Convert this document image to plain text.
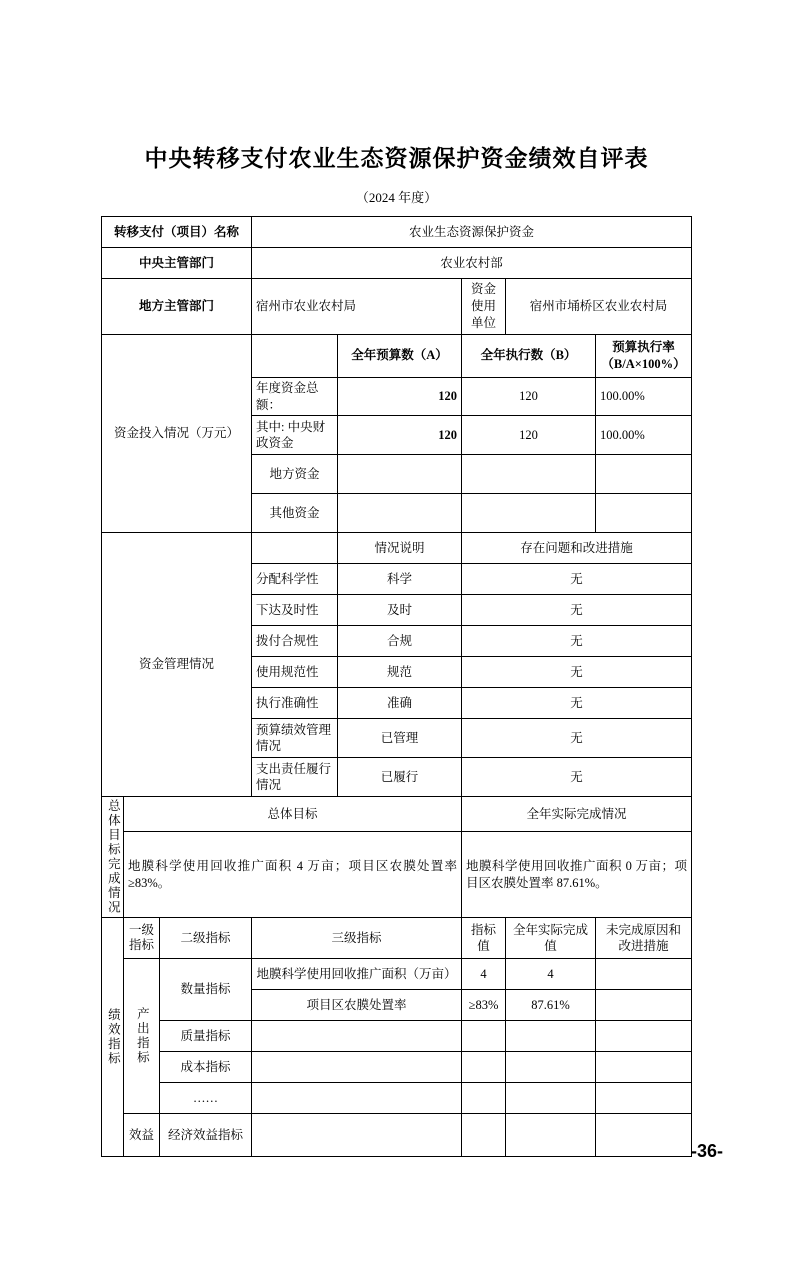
中央转移支付农业生态资源保护资金绩效自评表
（2024 年度）
转移支付（项目）名称			农业生态资源保护资金				
中央主管部门			农业农村部				
地方主管部门			宿州市农业农村局		资金使用单位	宿州市埇桥区农业农村局	

资金投入情况（万元）				全年预算数（A）	全年执行数（B）		预算执行率（B/A×100%）

			年度资金总额：	120	120		100.00%
			其中: 中央财政资金	120	120		100.00%

			地方资金				

			其他资金				

资金管理情况				情况说明	存在问题和改进措施		
			分配科学性	科学	无		
			下达及时性	及时	无		
			拨付合规性	合规	无		
			使用规范性	规范	无		
			执行准确性	准确	无		
			预算绩效管理情况	已管理	无		
			支出责任履行情况	已履行	无		

总体目标完成情况	总体目标				全年实际完成情况		
	地膜科学使用回收推广面积 4 万亩；项目区农膜处置率≥83%。				地膜科学使用回收推广面积 0 万亩；项目区农膜处置率 87.61%。		

绩效指标	一级指标	二级指标	三级指标		指标值	全年实际完成值	未完成原因和改进措施

	产出指标	数量指标	地膜科学使用回收推广面积（万亩）		4	4	
			项目区农膜处置率		≥83%	87.61%	
		质量指标					
		成本指标					
		……					

	效益	经济效益指标					

-36-
